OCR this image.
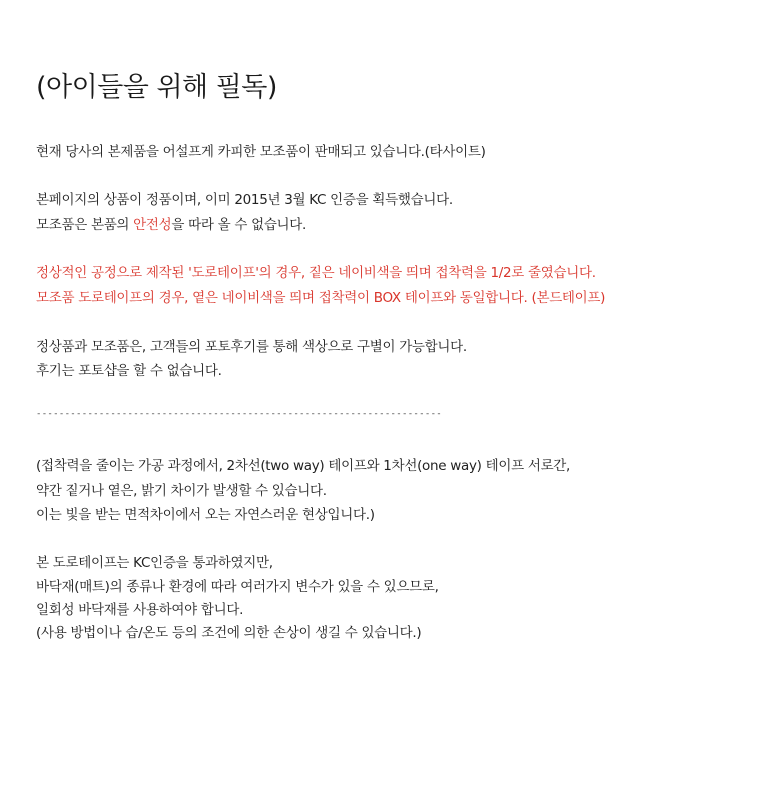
(아이들을 위해 필독)
현재 당사의 본제품을 어설프게 카피한 모조품이 판매되고 있습니다.(타사이트)
본페이지의 상품이 정품이며, 이미 2015년 3월 KC 인증을 획득했습니다.
모조품은 본품의 안전성을 따라 올 수 없습니다.
정상적인 공정으로 제작된 '도로테이프'의 경우, 짙은 네이비색을 띄며 접착력을 1/2로 줄였습니다.
모조품 도로테이프의 경우, 옅은 네이비색을 띄며 접착력이 BOX 테이프와 동일합니다. (본드테이프)
정상품과 모조품은, 고객들의 포토후기를 통해 색상으로 구별이 가능합니다.
후기는 포토샵을 할 수 없습니다.
-----------------------------------------------------------------------
(접착력을 줄이는 가공 과정에서, 2차선(two way) 테이프와 1차선(one way) 테이프 서로간,
약간 짙거나 옅은, 밝기 차이가 발생할 수 있습니다.
이는 빛을 받는 면적차이에서 오는 자연스러운 현상입니다.)
본 도로테이프는 KC인증을 통과하였지만,
바닥재(매트)의 종류나 환경에 따라 여러가지 변수가 있을 수 있으므로,
일회성 바닥재를 사용하여야 합니다.
(사용 방법이나 습/온도 등의 조건에 의한 손상이 생길 수 있습니다.)
